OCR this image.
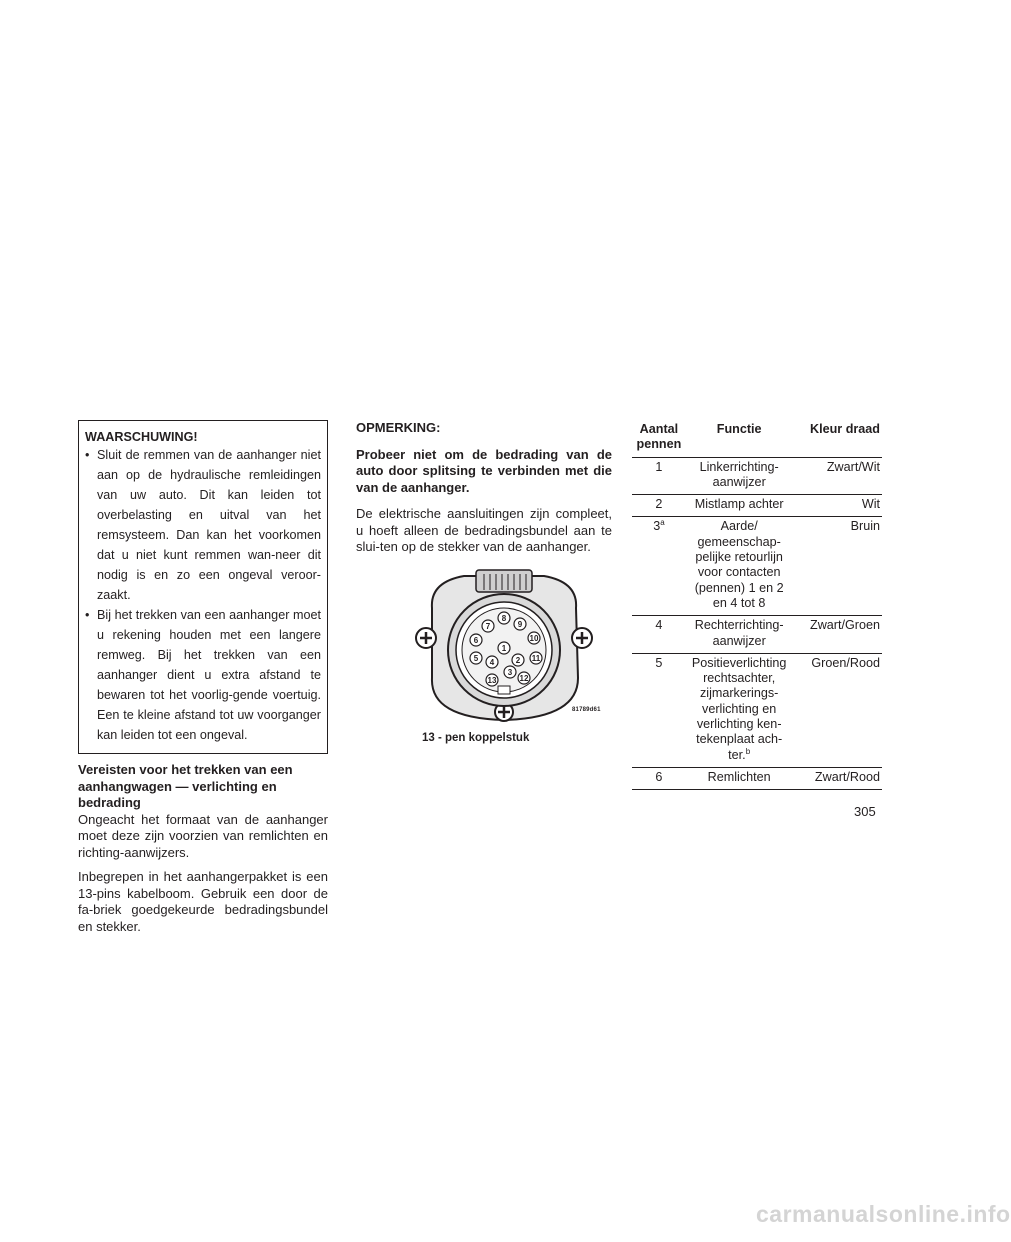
WAARSCHUWING!
• Sluit de remmen van de aanhanger niet aan op de hydraulische remleidingen van uw auto. Dit kan leiden tot overbelasting en uitval van het remsysteem. Dan kan het voorkomen dat u niet kunt remmen wan-neer dit nodig is en zo een ongeval veroor-zaakt.
• Bij het trekken van een aanhanger moet u rekening houden met een langere remweg. Bij het trekken van een aanhanger dient u extra afstand te bewaren tot het voorlig-gende voertuig. Een te kleine afstand tot uw voorganger kan leiden tot een ongeval.
Vereisten voor het trekken van een aanhangwagen — verlichting en bedrading

Ongeacht het formaat van de aanhanger moet deze zijn voorzien van remlichten en richting-aanwijzers.

Inbegrepen in het aanhangerpakket is een 13-pins kabelboom. Gebruik een door de fa-briek goedgekeurde bedradingsbundel en stekker.

OPMERKING:

Probeer niet om de bedrading van de auto door splitsing te verbinden met die van de aanhanger.

De elektrische aansluitingen zijn compleet, u hoeft alleen de bedradingsbundel aan te slui-ten op de stekker van de aanhanger.

1
2
3
4
5
6
7
8
9
10
11
12
13
81789d61
13 - pen koppelstuk
Aantal pennen	Functie	Kleur draad
1	Linkerrichting-aanwijzer	Zwart/Wit
2	Mistlamp achter	Wit
3$^a$	Aarde/ gemeenschap-pelijke retourlijn voor contacten (pennen) 1 en 2 en 4 tot 8	Bruin
4	Rechterrichting-aanwijzer	Zwart/Groen
5	Positieverlichting rechtsachter, zijmarkerings-verlichting en verlichting ken-tekenplaat ach-ter.$^b$	Groen/Rood
6	Remlichten	Zwart/Rood
305
carmanualsonline.info
